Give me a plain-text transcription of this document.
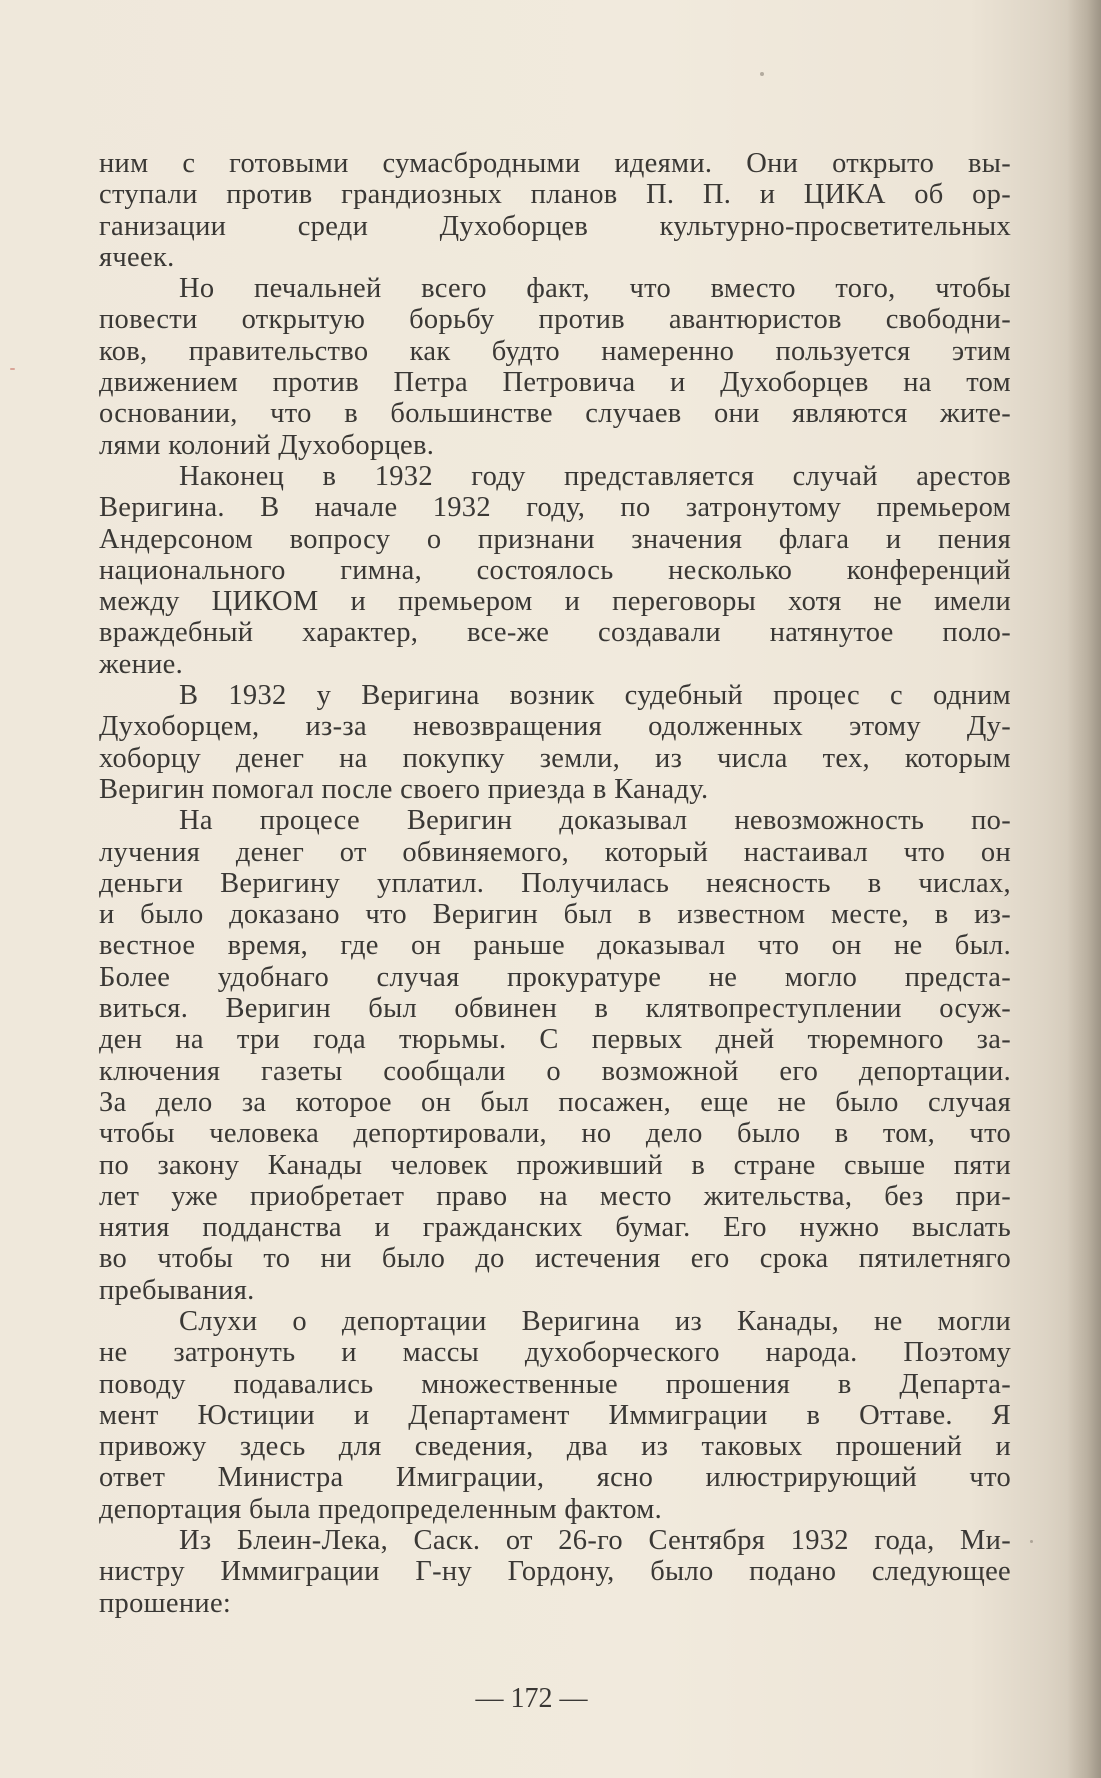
ним с готовыми сумасбродными идеями. Они открыто вы-
ступали против грандиозных планов П. П. и ЦИКА об ор-
ганизации среди Духоборцев культурно-просветительных
ячеек.
Но печальней всего факт, что вместо того, чтобы
повести открытую борьбу против авантюристов свободни-
ков, правительство как будто намеренно пользуется этим
движением против Петра Петровича и Духоборцев на том
основании, что в большинстве случаев они являются жите-
лями колоний Духоборцев.
Наконец в 1932 году представляется случай арестов
Веригина. В начале 1932 году, по затронутому премьером
Андерсоном вопросу о признани значения флага и пения
национального гимна, состоялось несколько конференций
между ЦИКОМ и премьером и переговоры хотя не имели
враждебный характер, все-же создавали натянутое поло-
жение.
В 1932 у Веригина возник судебный процес с одним
Духоборцем, из-за невозвращения одолженных этому Ду-
хоборцу денег на покупку земли, из числа тех, которым
Веригин помогал после своего приезда в Канаду.
На процесе Веригин доказывал невозможность по-
лучения денег от обвиняемого, который настаивал что он
деньги Веригину уплатил. Получилась неясность в числах,
и было доказано что Веригин был в известном месте, в из-
вестное время, где он раньше доказывал что он не был.
Более удобнаго случая прокуратуре не могло предста-
виться. Веригин был обвинен в клятвопреступлении осуж-
ден на три года тюрьмы. С первых дней тюремного за-
ключения газеты сообщали о возможной его депортации.
За дело за которое он был посажен, еще не было случая
чтобы человека депортировали, но дело было в том, что
по закону Канады человек проживший в стране свыше пяти
лет уже приобретает право на место жительства, без при-
нятия подданства и гражданских бумаг. Его нужно выслать
во чтобы то ни было до истечения его срока пятилетняго
пребывания.
Слухи о депортации Веригина из Канады, не могли
не затронуть и массы духоборческого народа. Поэтому
поводу подавались множественные прошения в Департа-
мент Юстиции и Департамент Иммиграции в Оттаве. Я
привожу здесь для сведения, два из таковых прошений и
ответ Министра Имиграции, ясно илюстрирующий что
депортация была предопределенным фактом.
Из Блеин-Лека, Саск. от 26-го Сентября 1932 года, Ми-
нистру Иммиграции Г-ну Гордону, было подано следующее
прошение:
— 172 —
